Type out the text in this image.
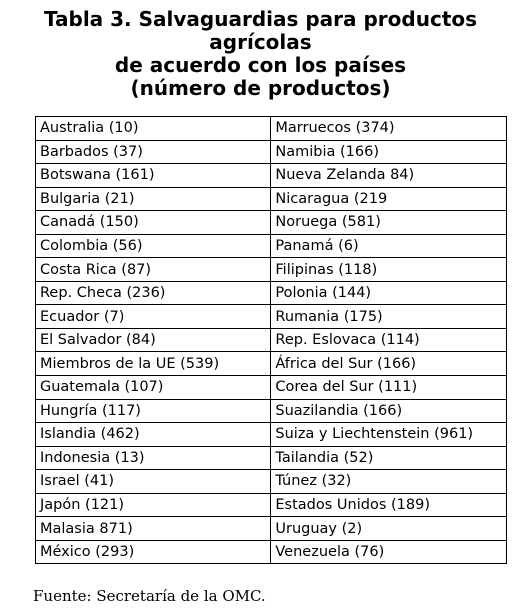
Tabla 3. Salvaguardias para productos agrícolas
de acuerdo con los países
(número de productos)
Australia (10)	Marruecos (374)
Barbados (37)	Namibia (166)
Botswana (161)	Nueva Zelanda 84)
Bulgaria (21)	Nicaragua (219
Canadá (150)	Noruega (581)
Colombia (56)	Panamá (6)
Costa Rica (87)	Filipinas (118)
Rep. Checa (236)	Polonia (144)
Ecuador (7)	Rumania (175)
El Salvador (84)	Rep. Eslovaca (114)
Miembros de la UE (539)	África del Sur (166)
Guatemala (107)	Corea del Sur (111)
Hungría (117)	Suazilandia (166)
Islandia (462)	Suiza y Liechtenstein (961)
Indonesia (13)	Tailandia (52)
Israel (41)	Túnez (32)
Japón (121)	Estados Unidos (189)
Malasia 871)	Uruguay (2)
México (293)	Venezuela (76)
Fuente: Secretaría de la OMC.
